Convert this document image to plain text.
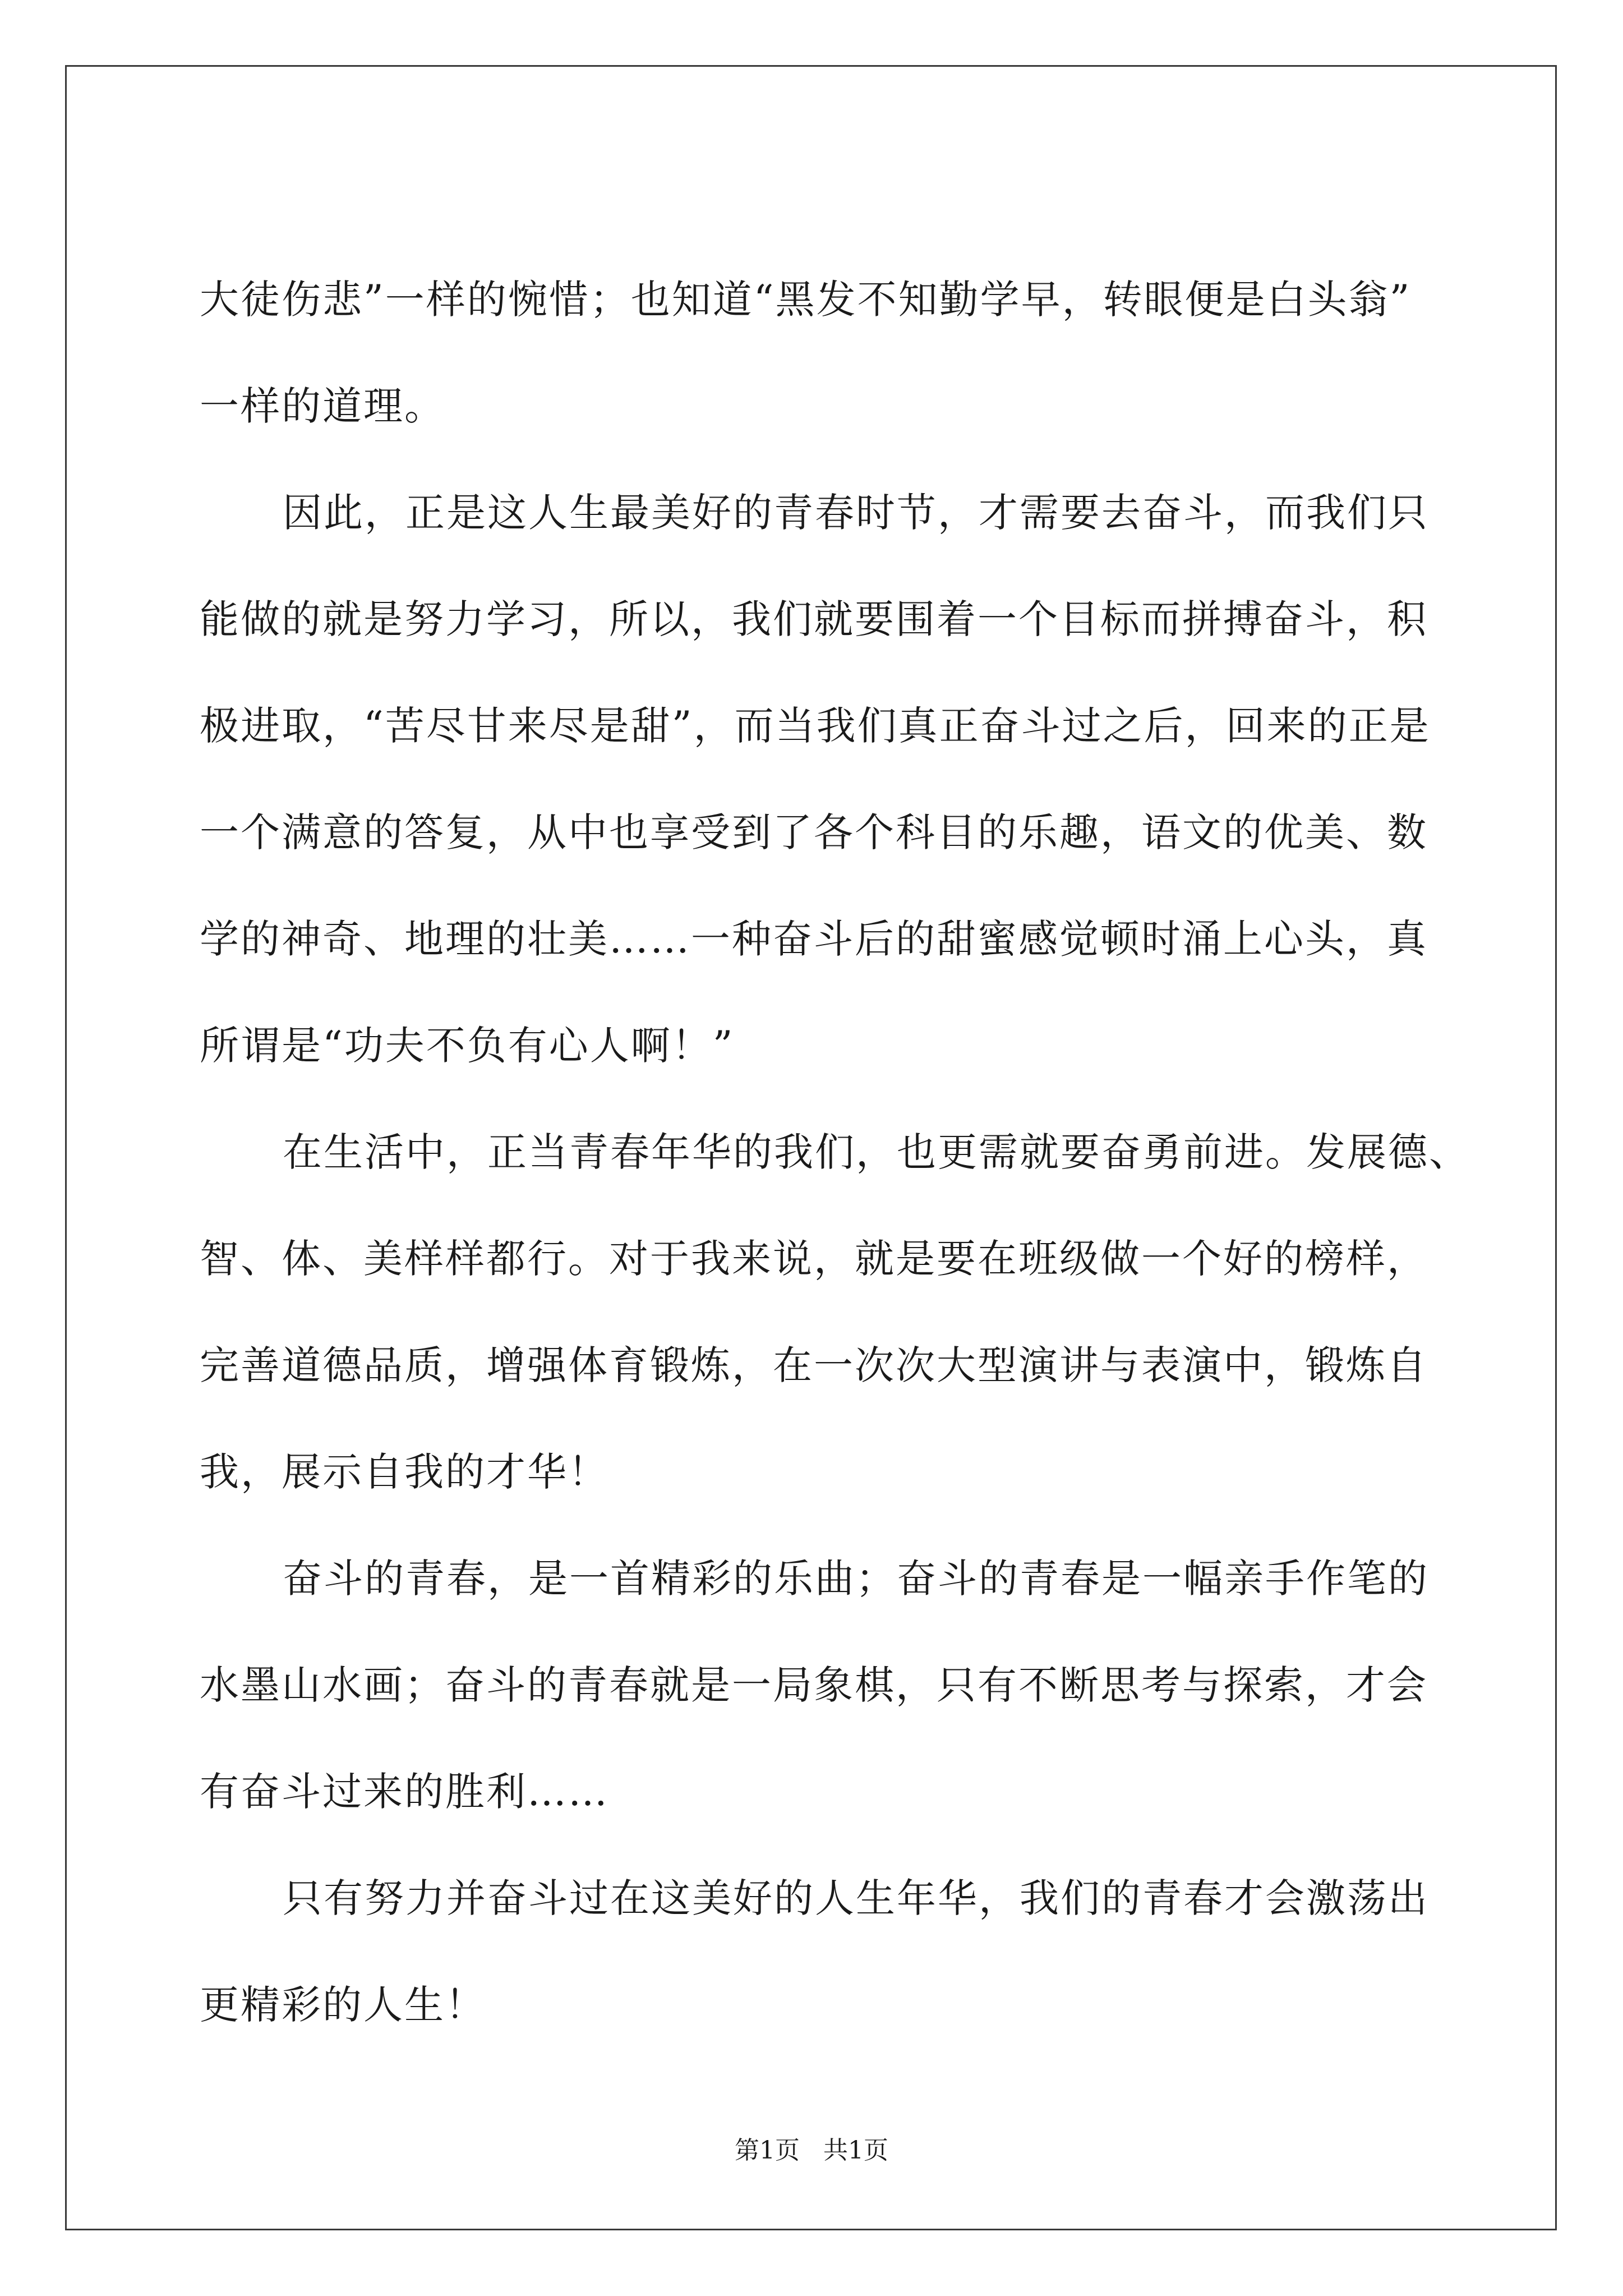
大徒伤悲”一样的惋惜；也知道“黑发不知勤学早，转眼便是白头翁”
一样的道理。
因此，正是这人生最美好的青春时节，才需要去奋斗，而我们只
能做的就是努力学习，所以，我们就要围着一个目标而拼搏奋斗，积
极进取，“苦尽甘来尽是甜”，而当我们真正奋斗过之后，回来的正是
一个满意的答复，从中也享受到了各个科目的乐趣，语文的优美、数
学的神奇、地理的壮美……一种奋斗后的甜蜜感觉顿时涌上心头，真
所谓是“功夫不负有心人啊！”
在生活中，正当青春年华的我们，也更需就要奋勇前进。发展德、
智、体、美样样都行。对于我来说，就是要在班级做一个好的榜样，
完善道德品质，增强体育锻炼，在一次次大型演讲与表演中，锻炼自
我，展示自我的才华！
奋斗的青春，是一首精彩的乐曲；奋斗的青春是一幅亲手作笔的
水墨山水画；奋斗的青春就是一局象棋，只有不断思考与探索，才会
有奋斗过来的胜利……
只有努力并奋斗过在这美好的人生年华，我们的青春才会激荡出
更精彩的人生！
第1页 共1页
